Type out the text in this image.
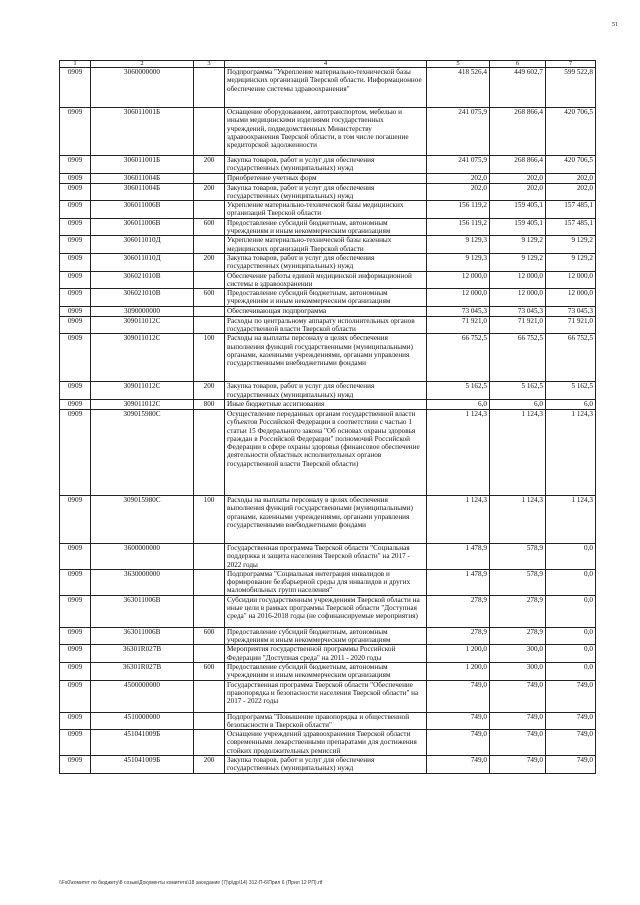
51
1	2	3	4	5	6	7
0909	3060000000		Подпрограмма "Укрепление материально-технической базы медицинских организаций Тверской области. Информационное обеспечение системы здравоохранения"	418 526,4	449 602,7	599 522,8
0909	306011001Б		Оснащение оборудованием, автотранспортом, мебелью и иными медицинскими изделиями государственных учреждений, подведомственных Министерству здравоохранения Тверской области, в том числе погашение кредиторской задолженности	241 075,9	268 866,4	420 706,5
0909	306011001Б	200	Закупка товаров, работ и услуг для обеспечения государственных (муниципальных) нужд	241 075,9	268 866,4	420 706,5
0909	306011004Б		Приобретение учетных форм	202,0	202,0	202,0
0909	306011004Б	200	Закупка товаров, работ и услуг для обеспечения государственных (муниципальных) нужд	202,0	202,0	202,0
0909	306011006В		Укрепление материально-технической базы медицинских организаций Тверской области	156 119,2	159 405,1	157 485,1
0909	306011006В	600	Предоставление субсидий бюджетным, автономным учреждениям и иным некоммерческим организациям	156 119,2	159 405,1	157 485,1
0909	306011010Д		Укрепление материально-технической базы казенных медицинских организаций Тверской области	9 129,3	9 129,2	9 129,2
0909	306011010Д	200	Закупка товаров, работ и услуг для обеспечения государственных (муниципальных) нужд	9 129,3	9 129,2	9 129,2
0909	306021010В		Обеспечение работы единой медицинской информационной системы в здравоохранении	12 000,0	12 000,0	12 000,0
0909	306021010В	600	Предоставление субсидий бюджетным, автономным учреждениям и иным некоммерческим организациям	12 000,0	12 000,0	12 000,0
0909	3090000000		Обеспечивающая подпрограмма	73 045,3	73 045,3	73 045,3
0909	309011012С		Расходы по центральному аппарату исполнительных органов государственной власти Тверской области	71 921,0	71 921,0	71 921,0
0909	309011012С	100	Расходы на выплаты персоналу в целях обеспечения выполнения функций государственными (муниципальными) органами, казенными учреждениями, органами управления государственными внебюджетными фондами	66 752,5	66 752,5	66 752,5
0909	309011012С	200	Закупка товаров, работ и услуг для обеспечения государственных (муниципальных) нужд	5 162,5	5 162,5	5 162,5
0909	309011012С	800	Иные бюджетные ассигнования	6,0	6,0	6,0
0909	309015980С		Осуществление переданных органам государственной власти субъектов Российской Федерации в соответствии с частью 1 статьи 15 Федерального закона "Об основах охраны здоровья граждан в Российской Федерации" полномочий Российской Федерации в сфере охраны здоровья (финансовое обеспечение деятельности областных исполнительных органов государственной власти Тверской области)	1 124,3	1 124,3	1 124,3
0909	309015980С	100	Расходы на выплаты персоналу в целях обеспечения выполнения функций государственными (муниципальными) органами, казенными учреждениями, органами управления государственными внебюджетными фондами	1 124,3	1 124,3	1 124,3
0909	3600000000		Государственная программа Тверской области "Социальная поддержка и защита населения Тверской области" на 2017 - 2022 годы	1 478,9	578,9	0,0
0909	3630000000		Подпрограмма "Социальная интеграция инвалидов и формирование безбарьерной среды для инвалидов и других маломобильных групп населения"	1 478,9	578,9	0,0
0909	363011006В		Субсидии государственным учреждениям Тверской области на иные цели в рамках программы Тверской области "Доступная среда" на 2016-2018 годы (не софинансируемые мероприятия)	278,9	278,9	0,0
0909	363011006В	600	Предоставление субсидий бюджетным, автономным учреждениям и иным некоммерческим организациям	278,9	278,9	0,0
0909	36301R027В		Мероприятия государственной программы Российской Федерации "Доступная среда" на 2011 - 2020 годы	1 200,0	300,0	0,0
0909	36301R027В	600	Предоставление субсидий бюджетным, автономным учреждениям и иным некоммерческим организациям	1 200,0	300,0	0,0
0909	4500000000		Государственная программа Тверской области "Обеспечение правопорядка и безопасности населения Тверской области" на 2017 - 2022 годы	749,0	749,0	749,0
0909	4510000000		Подпрограмма "Повышение правопорядка и общественной безопасности в Тверской области"	749,0	749,0	749,0
0909	451041009Б		Оснащение учреждений здравоохранения Тверской области современными лекарственными препаратами для достижения стойких продолжительных ремиссий	749,0	749,0	749,0
0909	451041009Б	200	Закупка товаров, работ и услуг для обеспечения государственных (муниципальных) нужд	749,0	749,0	749,0
\\Fs0\комитет по бюджету\8 созыв\Документы комитета\18 заседание (7)\p\др\14) 312-П-6\Прил 6 (Прил 12 РП).rtf
